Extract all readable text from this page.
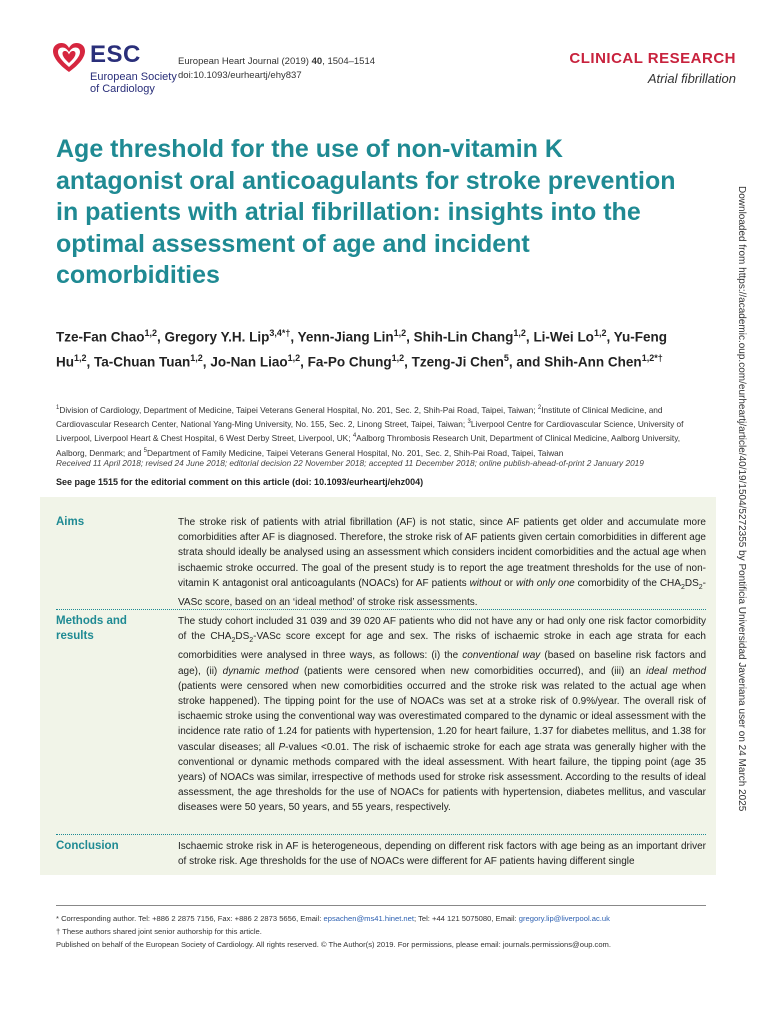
ESC
European Society
of Cardiology
European Heart Journal (2019) 40, 1504–1514
doi:10.1093/eurheartj/ehy837
CLINICAL RESEARCH
Atrial fibrillation
Age threshold for the use of non-vitamin K antagonist oral anticoagulants for stroke prevention in patients with atrial fibrillation: insights into the optimal assessment of age and incident comorbidities
Tze-Fan Chao$^{1,2}$, Gregory Y.H. Lip$^{3,4*\dagger}$, Yenn-Jiang Lin$^{1,2}$, Shih-Lin Chang$^{1,2}$, Li-Wei Lo$^{1,2}$, Yu-Feng Hu$^{1,2}$, Ta-Chuan Tuan$^{1,2}$, Jo-Nan Liao$^{1,2}$, Fa-Po Chung$^{1,2}$, Tzeng-Ji Chen$^5$, and Shih-Ann Chen$^{1,2*\dagger}$
$^1$Division of Cardiology, Department of Medicine, Taipei Veterans General Hospital, No. 201, Sec. 2, Shih-Pai Road, Taipei, Taiwan; $^2$Institute of Clinical Medicine, and Cardiovascular Research Center, National Yang-Ming University, No. 155, Sec. 2, Linong Street, Taipei, Taiwan; $^3$Liverpool Centre for Cardiovascular Science, University of Liverpool, Liverpool Heart & Chest Hospital, 6 West Derby Street, Liverpool, UK; $^4$Aalborg Thrombosis Research Unit, Department of Clinical Medicine, Aalborg University, Aalborg, Denmark; and $^5$Department of Family Medicine, Taipei Veterans General Hospital, No. 201, Sec. 2, Shih-Pai Road, Taipei, Taiwan
Received 11 April 2018; revised 24 June 2018; editorial decision 22 November 2018; accepted 11 December 2018; online publish-ahead-of-print 2 January 2019
See page 1515 for the editorial comment on this article (doi: 10.1093/eurheartj/ehz004)
Aims	The stroke risk of patients with atrial fibrillation (AF) is not static, since AF patients get older and accumulate more comorbidities after AF is diagnosed. Therefore, the stroke risk of AF patients given certain comorbidities in different age strata should ideally be analysed using an assessment which considers incident comorbidities and the actual age when ischaemic stroke occurred. The goal of the present study is to report the age treatment thresholds for the use of non-vitamin K antagonist oral anticoagulants (NOACs) for AF patients without or with only one comorbidity of the $CHA_2DS_2$-VASc score, based on an ‘ideal method’ of stroke risk assessments.
Methods and results
The study cohort included 31 039 and 39 020 AF patients who did not have any or had only one risk factor comorbidity of the $CHA_2DS_2$-VASc score except for age and sex. The risks of ischaemic stroke in each age strata for each comorbidities were analysed in three ways, as follows: (i) the conventional way (based on baseline risk factors and age), (ii) dynamic method (patients were censored when new comorbidities occurred), and (iii) an ideal method (patients were censored when new comorbidities occurred and the stroke risk was related to the actual age when stroke happened). The tipping point for the use of NOACs was set at a stroke risk of 0.9%/year. The overall risk of ischaemic stroke using the conventional way was overestimated compared to the dynamic or ideal assessment with the incidence rate ratio of 1.24 for patients with hypertension, 1.20 for heart failure, 1.37 for diabetes mellitus, and 1.38 for vascular diseases; all P-values <0.01. The risk of ischaemic stroke for each age strata was generally higher with the conventional or dynamic methods compared with the ideal assessment. With heart failure, the tipping point (age 35 years) of NOACs was similar, irrespective of methods used for stroke risk assessment. According to the results of ideal assessment, the age thresholds for the use of NOACs for patients with hypertension, diabetes mellitus, and vascular diseases were 50 years, 50 years, and 55 years, respectively.
Conclusion	Ischaemic stroke risk in AF is heterogeneous, depending on different risk factors with age being as an important driver of stroke risk. Age thresholds for the use of NOACs were different for AF patients having different single
* Corresponding author. Tel: +886 2 2875 7156, Fax: +886 2 2873 5656, Email: epsachen@ms41.hinet.net; Tel: +44 121 5075080, Email: gregory.lip@liverpool.ac.uk
† These authors shared joint senior authorship for this article.
Published on behalf of the European Society of Cardiology. All rights reserved. © The Author(s) 2019. For permissions, please email: journals.permissions@oup.com.
Downloaded from https://academic.oup.com/eurheartj/article/40/19/1504/5272355 by Pontificia Universidad Javeriana user on 24 March 2025
